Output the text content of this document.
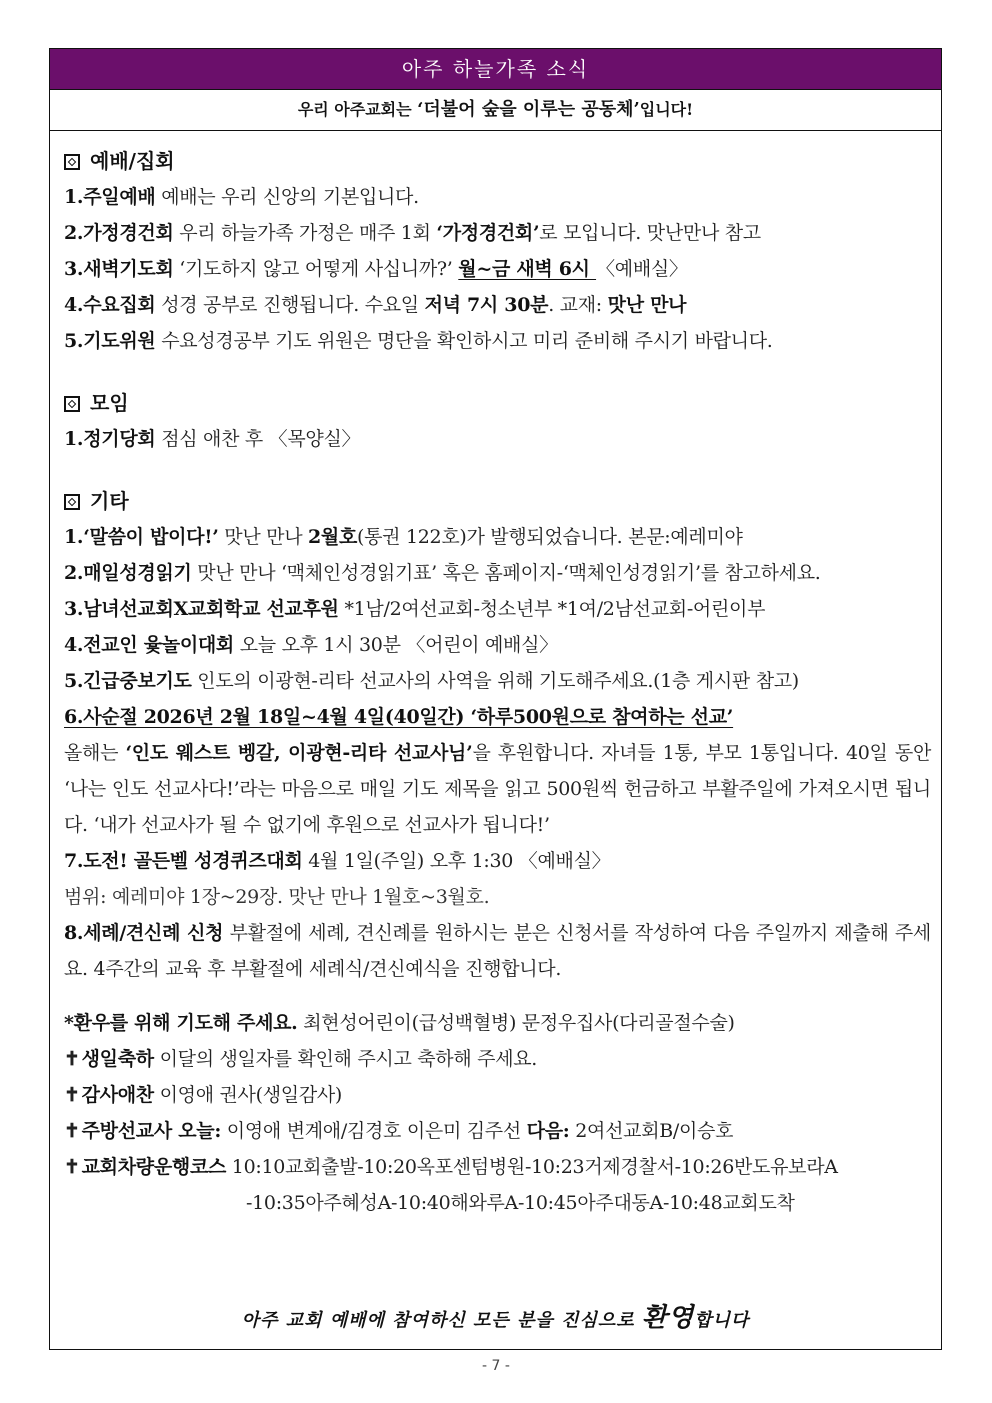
아주 하늘가족 소식
우리 아주교회는 ‘더불어 숲을 이루는 공동체’입니다!
예배/집회
1.주일예배 예배는 우리 신앙의 기본입니다.
2.가정경건회 우리 하늘가족 가정은 매주 1회 ‘가정경건회’로 모입니다. 맛난만나 참고
3.새벽기도회 ‘기도하지 않고 어떻게 사십니까?’ 월~금 새벽 6시 〈예배실〉
4.수요집회 성경 공부로 진행됩니다. 수요일 저녁 7시 30분. 교재: 맛난 만나
5.기도위원 수요성경공부 기도 위원은 명단을 확인하시고 미리 준비해 주시기 바랍니다.
모임
1.정기당회 점심 애찬 후 〈목양실〉
기타
1.‘말씀이 밥이다!’ 맛난 만나 2월호(통권 122호)가 발행되었습니다. 본문:예레미야
2.매일성경읽기 맛난 만나 ‘맥체인성경읽기표’ 혹은 홈페이지-‘맥체인성경읽기’를 참고하세요.
3.남녀선교회X교회학교 선교후원 *1남/2여선교회-청소년부 *1여/2남선교회-어린이부
4.전교인 윷놀이대회 오늘 오후 1시 30분 〈어린이 예배실〉
5.긴급중보기도 인도의 이광현-리타 선교사의 사역을 위해 기도해주세요.(1층 게시판 참고)
6.사순절 2026년 2월 18일~4월 4일(40일간) ‘하루500원으로 참여하는 선교’
올해는 ‘인도 웨스트 벵갈, 이광현-리타 선교사님’을 후원합니다. 자녀들 1통, 부모 1통입니다. 40일 동안 ‘나는 인도 선교사다!’라는 마음으로 매일 기도 제목을 읽고 500원씩 헌금하고 부활주일에 가져오시면 됩니다. ‘내가 선교사가 될 수 없기에 후원으로 선교사가 됩니다!’
7.도전! 골든벨 성경퀴즈대회 4월 1일(주일) 오후 1:30 〈예배실〉
범위: 예레미야 1장~29장. 맛난 만나 1월호~3월호.
8.세례/견신례 신청 부활절에 세례, 견신례를 원하시는 분은 신청서를 작성하여 다음 주일까지 제출해 주세요. 4주간의 교육 후 부활절에 세례식/견신예식을 진행합니다.
*환우를 위해 기도해 주세요. 최현성어린이(급성백혈병) 문정우집사(다리골절수술)
✝ 생일축하 이달의 생일자를 확인해 주시고 축하해 주세요.
✝ 감사애찬 이영애 권사(생일감사)
✝ 주방선교사 오늘: 이영애 변계애/김경호 이은미 김주선 다음: 2여선교회B/이승호
✝ 교회차량운행코스 10:10교회출발-10:20옥포센텀병원-10:23거제경찰서-10:26반도유보라A
-10:35아주혜성A-10:40해와루A-10:45아주대동A-10:48교회도착
아주 교회 예배에 참여하신 모든 분을 진심으로 환영합니다
- 7 -
